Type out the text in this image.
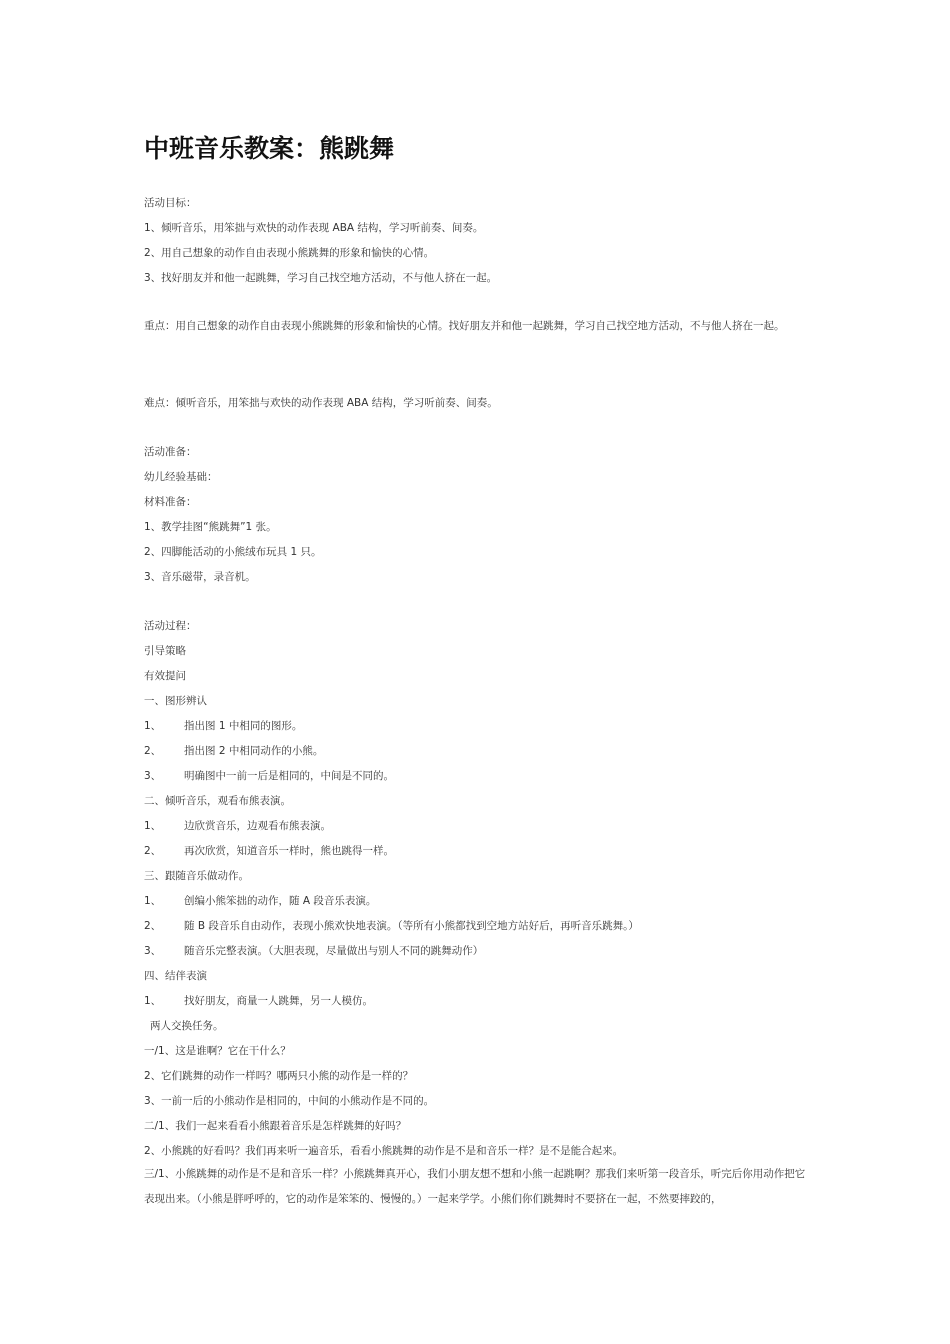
中班音乐教案：熊跳舞
活动目标：
1、倾听音乐，用笨拙与欢快的动作表现 ABA 结构，学习听前奏、间奏。
2、用自己想象的动作自由表现小熊跳舞的形象和愉快的心情。
3、找好朋友并和他一起跳舞，学习自己找空地方活动，不与他人挤在一起。
重点：用自己想象的动作自由表现小熊跳舞的形象和愉快的心情。找好朋友并和他一起跳舞，学习自己找空地方活动，不与他人挤在一起。
难点：倾听音乐，用笨拙与欢快的动作表现 ABA 结构，学习听前奏、间奏。
活动准备：
幼儿经验基础：
材料准备：
1、教学挂图“熊跳舞”1 张。
2、四脚能活动的小熊绒布玩具 1 只。
3、音乐磁带，录音机。
活动过程：
引导策略
有效提问
一、图形辨认
1、 指出图 1 中相同的图形。
2、 指出图 2 中相同动作的小熊。
3、 明确图中一前一后是相同的，中间是不同的。
二、倾听音乐，观看布熊表演。
1、 边欣赏音乐，边观看布熊表演。
2、 再次欣赏，知道音乐一样时，熊也跳得一样。
三、跟随音乐做动作。
1、 创编小熊笨拙的动作，随 A 段音乐表演。
2、 随 B 段音乐自由动作，表现小熊欢快地表演。（等所有小熊都找到空地方站好后，再听音乐跳舞。）
3、 随音乐完整表演。（大胆表现，尽量做出与别人不同的跳舞动作）
四、结伴表演
1、 找好朋友，商量一人跳舞，另一人模仿。
两人交换任务。
一/1、这是谁啊？它在干什么？
2、它们跳舞的动作一样吗？哪两只小熊的动作是一样的？
3、一前一后的小熊动作是相同的，中间的小熊动作是不同的。
二/1、我们一起来看看小熊跟着音乐是怎样跳舞的好吗？
2、小熊跳的好看吗？我们再来听一遍音乐，看看小熊跳舞的动作是不是和音乐一样？是不是能合起来。
三/1、小熊跳舞的动作是不是和音乐一样？小熊跳舞真开心，我们小朋友想不想和小熊一起跳啊？那我们来听第一段音乐，听完后你用动作把它表现出来。（小熊是胖呼呼的，它的动作是笨笨的、慢慢的。）一起来学学。小熊们你们跳舞时不要挤在一起，不然要摔跤的，
